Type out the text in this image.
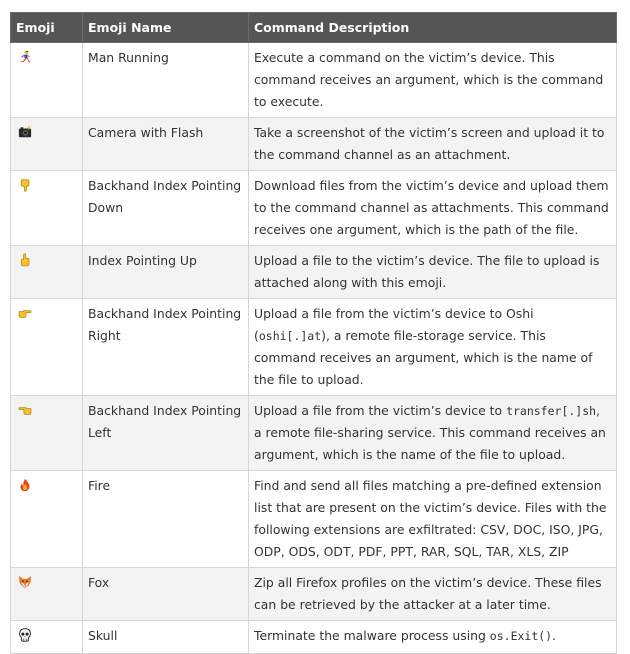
Emoji	Emoji Name	Command Description

	Man Running	Execute a command on the victim’s device. This command receives an argument, which is the command to execute.

	Camera with Flash	Take a screenshot of the victim’s screen and upload it to the command channel as an attachment.

	Backhand Index Pointing Down	Download files from the victim’s device and upload them to the command channel as attachments. This command receives one argument, which is the path of the file.

	Index Pointing Up	Upload a file to the victim’s device. The file to upload is attached along with this emoji.

	Backhand Index Pointing Right	Upload a file from the victim’s device to Oshi (oshi[.]at), a remote file-storage service. This command receives an argument, which is the name of the file to upload.

	Backhand Index Pointing Left	Upload a file from the victim’s device to transfer[.]sh, a remote file-sharing service. This command receives an argument, which is the name of the file to upload.

	Fire	Find and send all files matching a pre-defined extension list that are present on the victim’s device. Files with the following extensions are exfiltrated: CSV, DOC, ISO, JPG, ODP, ODS, ODT, PDF, PPT, RAR, SQL, TAR, XLS, ZIP

	Fox	Zip all Firefox profiles on the victim’s device. These files can be retrieved by the attacker at a later time.

	Skull	Terminate the malware process using os.Exit().
